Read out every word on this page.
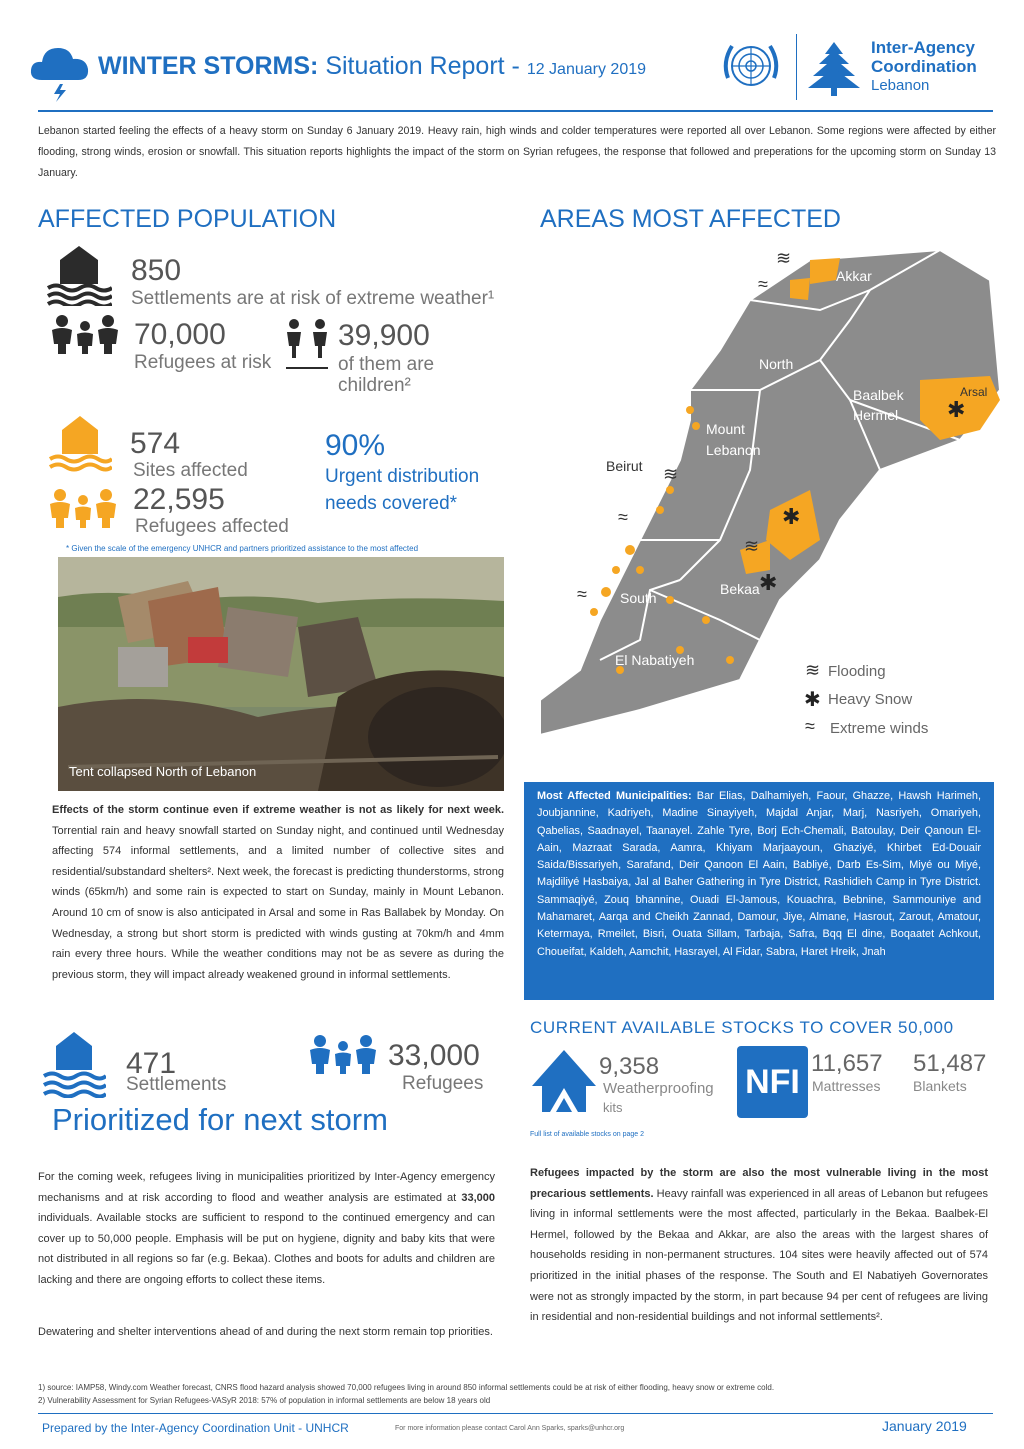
WINTER STORMS: Situation Report - 12 January 2019
Inter-Agency
Coordination
Lebanon
Lebanon started feeling the effects of a heavy storm on Sunday 6 January 2019. Heavy rain, high winds and colder temperatures were reported all over Lebanon. Some regions were affected by either flooding, strong winds, erosion or snowfall. This situation reports highlights the impact of the storm on Syrian refugees, the response that followed and preperations for the upcoming storm on Sunday 13 January.
AFFECTED POPULATION
850
Settlements are at risk of extreme weather¹
70,000
Refugees at risk
39,900
of them are
children²
574
Sites affected
22,595
Refugees affected
90%
Urgent distribution
needs covered*
* Given the scale of the emergency UNHCR and partners prioritized assistance to the most affected
Tent collapsed North of Lebanon
AREAS MOST AFFECTED
Akkar
North
Baalbek
Hermel
Arsal
Mount
Lebanon
Beirut
Bekaa
South
El Nabatiyeh
≋
≈
✱
≋
≈	✱
≋
✱
≈
≋ Flooding
✱ Heavy Snow
≈ Extreme winds
Effects of the storm continue even if extreme weather is not as likely for next week. Torrential rain and heavy snowfall started on Sunday night, and continued until Wednesday affecting 574 informal settlements, and a limited number of collective sites and residential/substandard shelters². Next week, the forecast is predicting thunderstorms, strong winds (65km/h) and some rain is expected to start on Sunday, mainly in Mount Lebanon. Around 10 cm of snow is also anticipated in Arsal and some in Ras Ballabek by Monday. On Wednesday, a strong but short storm is predicted with winds gusting at 70km/h and 4mm rain every three hours. While the weather conditions may not be as severe as during the previous storm, they will impact already weakened ground in informal settlements.
Most Affected Municipalities: Bar Elias, Dalhamiyeh, Faour, Ghazze, Hawsh Harimeh, Joubjannine, Kadriyeh, Madine Sinayiyeh, Majdal Anjar, Marj, Nasriyeh, Omariyeh, Qabelias, Saadnayel, Taanayel. Zahle Tyre, Borj Ech-Chemali, Batoulay, Deir Qanoun El-Aain, Mazraat Sarada, Aamra, Khiyam Marjaayoun, Ghaziyé, Khirbet Ed-Douair Saida/Bissariyeh, Sarafand, Deir Qanoon El Aain, Babliyé, Darb Es-Sim, Miyé ou Miyé, Majdiliyé Hasbaiya, Jal al Baher Gathering in Tyre District, Rashidieh Camp in Tyre District. Sammaqiyé, Zouq bhannine, Ouadi El-Jamous, Kouachra, Bebnine, Sammouniye and Mahamaret, Aarqa and Cheikh Zannad, Damour, Jiye, Almane, Hasrout, Zarout, Amatour, Ketermaya, Rmeilet, Bisri, Ouata Sillam, Tarbaja, Safra, Bqq El dine, Boqaatet Achkout, Choueifat, Kaldeh, Aamchit, Hasrayel, Al Fidar, Sabra, Haret Hreik, Jnah
471
Settlements
33,000
Refugees
Prioritized for next storm
For the coming week, refugees living in municipalities prioritized by Inter-Agency emergency mechanisms and at risk according to flood and weather analysis are estimated at 33,000 individuals. Available stocks are sufficient to respond to the continued emergency and can cover up to 50,000 people. Emphasis will be put on hygiene, dignity and baby kits that were not distributed in all regions so far (e.g. Bekaa). Clothes and boots for adults and children are lacking and there are ongoing efforts to collect these items.
Dewatering and shelter interventions ahead of and during the next storm remain top priorities.
CURRENT AVAILABLE STOCKS TO COVER 50,000
9,358
Weatherproofing
kits
NFI 11,657
Mattresses
51,487
Blankets
Full list of available stocks on page 2
Refugees impacted by the storm are also the most vulnerable living in the most precarious settlements. Heavy rainfall was experienced in all areas of Lebanon but refugees living in informal settlements were the most affected, particularly in the Bekaa. Baalbek-El Hermel, followed by the Bekaa and Akkar, are also the areas with the largest shares of households residing in non-permanent structures. 104 sites were heavily affected out of 574 prioritized in the initial phases of the response. The South and El Nabatiyeh Governorates were not as strongly impacted by the storm, in part because 94 per cent of refugees are living in residential and non-residential buildings and not informal settlements².
1) source: IAMP58, Windy.com Weather forecast, CNRS flood hazard analysis showed 70,000 refugees living in around 850 informal settlements could be at risk of either flooding, heavy snow or extreme cold.
2) Vulnerability Assessment for Syrian Refugees-VASyR 2018: 57% of population in informal settlements are below 18 years old
Prepared by the Inter-Agency Coordination Unit - UNHCR	For more information please contact Carol Ann Sparks, sparks@unhcr.org	January 2019
